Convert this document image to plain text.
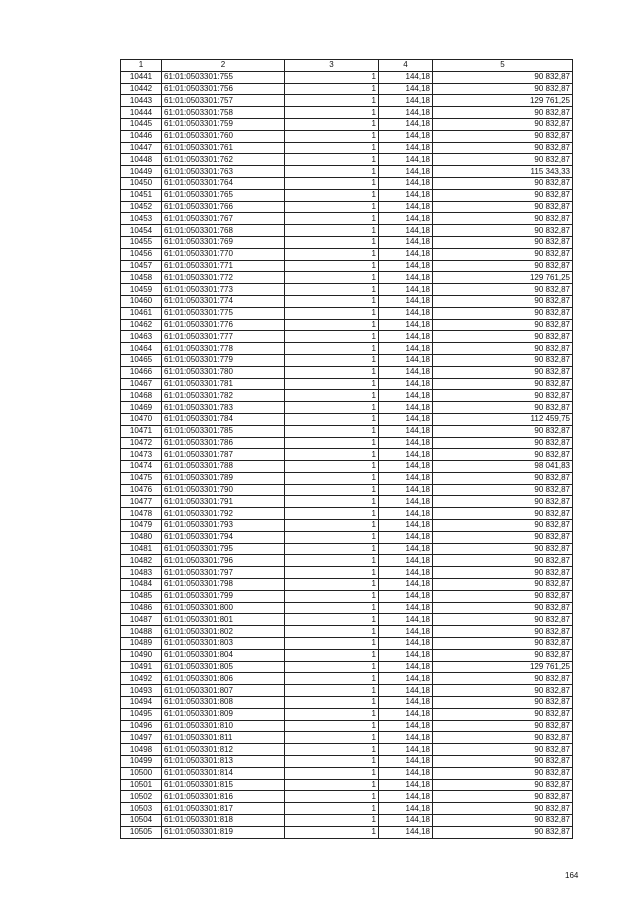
1	2	3	4	5
10441	61:01:0503301:755	1	144,18	90 832,87
10442	61:01:0503301:756	1	144,18	90 832,87
10443	61:01:0503301:757	1	144,18	129 761,25
10444	61:01:0503301:758	1	144,18	90 832,87
10445	61:01:0503301:759	1	144,18	90 832,87
10446	61:01:0503301:760	1	144,18	90 832,87
10447	61:01:0503301:761	1	144,18	90 832,87
10448	61:01:0503301:762	1	144,18	90 832,87
10449	61:01:0503301:763	1	144,18	115 343,33
10450	61:01:0503301:764	1	144,18	90 832,87
10451	61:01:0503301:765	1	144,18	90 832,87
10452	61:01:0503301:766	1	144,18	90 832,87
10453	61:01:0503301:767	1	144,18	90 832,87
10454	61:01:0503301:768	1	144,18	90 832,87
10455	61:01:0503301:769	1	144,18	90 832,87
10456	61:01:0503301:770	1	144,18	90 832,87
10457	61:01:0503301:771	1	144,18	90 832,87
10458	61:01:0503301:772	1	144,18	129 761,25
10459	61:01:0503301:773	1	144,18	90 832,87
10460	61:01:0503301:774	1	144,18	90 832,87
10461	61:01:0503301:775	1	144,18	90 832,87
10462	61:01:0503301:776	1	144,18	90 832,87
10463	61:01:0503301:777	1	144,18	90 832,87
10464	61:01:0503301:778	1	144,18	90 832,87
10465	61:01:0503301:779	1	144,18	90 832,87
10466	61:01:0503301:780	1	144,18	90 832,87
10467	61:01:0503301:781	1	144,18	90 832,87
10468	61:01:0503301:782	1	144,18	90 832,87
10469	61:01:0503301:783	1	144,18	90 832,87
10470	61:01:0503301:784	1	144,18	112 459,75
10471	61:01:0503301:785	1	144,18	90 832,87
10472	61:01:0503301:786	1	144,18	90 832,87
10473	61:01:0503301:787	1	144,18	90 832,87
10474	61:01:0503301:788	1	144,18	98 041,83
10475	61:01:0503301:789	1	144,18	90 832,87
10476	61:01:0503301:790	1	144,18	90 832,87
10477	61:01:0503301:791	1	144,18	90 832,87
10478	61:01:0503301:792	1	144,18	90 832,87
10479	61:01:0503301:793	1	144,18	90 832,87
10480	61:01:0503301:794	1	144,18	90 832,87
10481	61:01:0503301:795	1	144,18	90 832,87
10482	61:01:0503301:796	1	144,18	90 832,87
10483	61:01:0503301:797	1	144,18	90 832,87
10484	61:01:0503301:798	1	144,18	90 832,87
10485	61:01:0503301:799	1	144,18	90 832,87
10486	61:01:0503301:800	1	144,18	90 832,87
10487	61:01:0503301:801	1	144,18	90 832,87
10488	61:01:0503301:802	1	144,18	90 832,87
10489	61:01:0503301:803	1	144,18	90 832,87
10490	61:01:0503301:804	1	144,18	90 832,87
10491	61:01:0503301:805	1	144,18	129 761,25
10492	61:01:0503301:806	1	144,18	90 832,87
10493	61:01:0503301:807	1	144,18	90 832,87
10494	61:01:0503301:808	1	144,18	90 832,87
10495	61:01:0503301:809	1	144,18	90 832,87
10496	61:01:0503301:810	1	144,18	90 832,87
10497	61:01:0503301:811	1	144,18	90 832,87
10498	61:01:0503301:812	1	144,18	90 832,87
10499	61:01:0503301:813	1	144,18	90 832,87
10500	61:01:0503301:814	1	144,18	90 832,87
10501	61:01:0503301:815	1	144,18	90 832,87
10502	61:01:0503301:816	1	144,18	90 832,87
10503	61:01:0503301:817	1	144,18	90 832,87
10504	61:01:0503301:818	1	144,18	90 832,87
10505	61:01:0503301:819	1	144,18	90 832,87
164
